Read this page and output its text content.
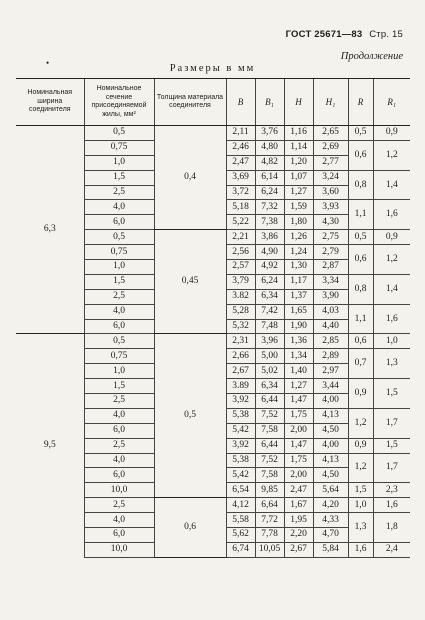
ГОСТ 25671—83 Стр. 15
Продолжение
•	Размеры в мм
Номинальная ширина соединителя	Номинальное сечение присоединяемой жилы, мм²	Толщина материала соединителя	B	B₁	H	H₁	R	R₁
6,3	0,5	0,4	2,11	3,76	1,16	2,65	0,5	0,9
	0,75		2,46	4,80	1,14	2,69	0,6	1,2
	1,0		2,47	4,82	1,20	2,77		
	1,5		3,69	6,14	1,07	3,24	0,8	1,4
	2,5		3,72	6,24	1,27	3,60		
	4,0		5,18	7,32	1,59	3,93	1,1	1,6
	6,0		5,22	7,38	1,80	4,30		
	0,5	0,45	2,21	3,86	1,26	2,75	0,5	0,9
	0,75		2,56	4,90	1,24	2,79	0,6	1,2
	1,0		2,57	4,92	1,30	2,87		
	1,5		3,79	6,24	1,17	3,34	0,8	1,4
	2,5		3.82	6,34	1,37	3,90		
	4,0		5,28	7,42	1,65	4,03	1,1	1,6
	6,0		5,32	7,48	1,90	4,40		
9,5	0,5	0,5	2,31	3,96	1,36	2,85	0,6	1,0
	0,75		2,66	5,00	1,34	2,89	0,7	1,3
	1,0		2,67	5,02	1,40	2,97		
	1,5		3.89	6,34	1,27	3,44	0,9	1,5
	2,5		3,92	6,44	1,47	4,00		
	4,0		5,38	7,52	1,75	4,13	1,2	1,7
	6,0		5,42	7,58	2,00	4,50		
	2,5		3,92	6,44	1,47	4,00	0,9	1,5
	4,0		5,38	7,52	1,75	4,13	1,2	1,7
	6,0		5,42	7,58	2,00	4,50		
	10,0		6,54	9,85	2,47	5,64	1,5	2,3
	2,5	0,6	4,12	6,64	1,67	4,20	1,0	1,6
	4,0		5,58	7,72	1,95	4,33	1,3	1,8
	6,0		5,62	7,78	2,20	4,70		
	10,0		6,74	10,05	2,67	5,84	1,6	2,4
